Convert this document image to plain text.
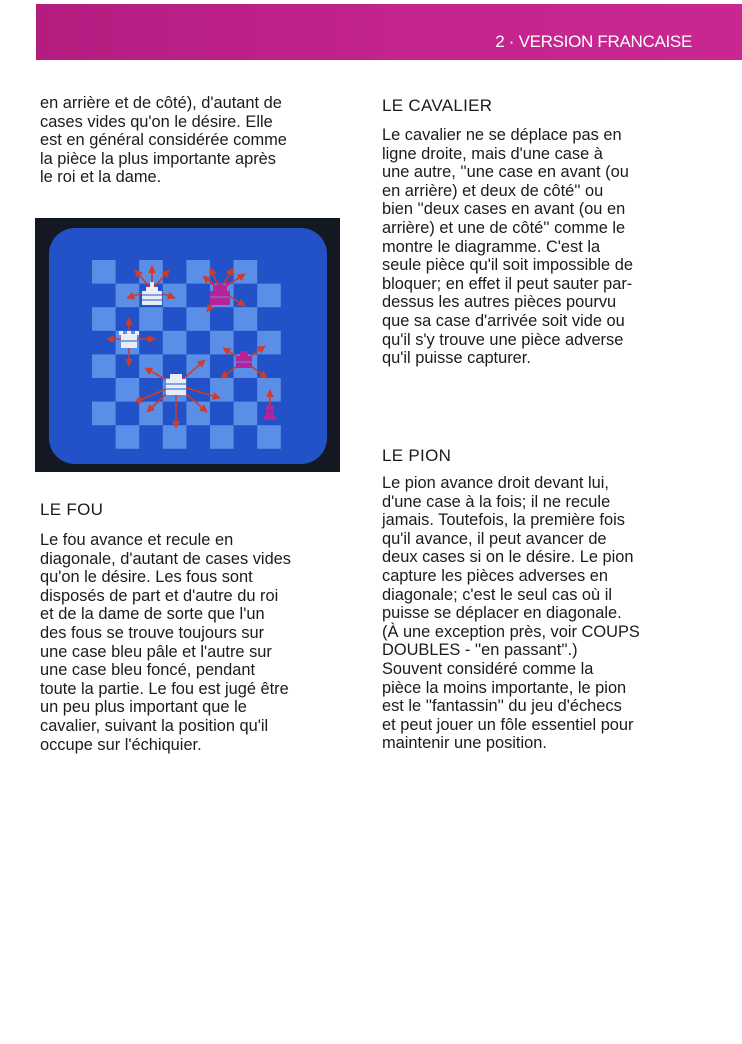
2 · VERSION FRANCAISE

en arrière et de côté), d'autant de
cases vides qu'on le désire. Elle
est en général considérée comme
la pièce la plus importante après
le roi et la dame.

LE FOU

Le fou avance et recule en
diagonale, d'autant de cases vides
qu'on le désire. Les fous sont
disposés de part et d'autre du roi
et de la dame de sorte que l'un
des fous se trouve toujours sur
une case bleu pâle et l'autre sur
une case bleu foncé, pendant
toute la partie. Le fou est jugé être
un peu plus important que le
cavalier, suivant la position qu'il
occupe sur l'échiquier.

LE CAVALIER

Le cavalier ne se déplace pas en
ligne droite, mais d'une case à
une autre, ''une case en avant (ou
en arrière) et deux de côté'' ou
bien ''deux cases en avant (ou en
arrière) et une de côté'' comme le
montre le diagramme. C'est la
seule pièce qu'il soit impossible de
bloquer; en effet il peut sauter par-
dessus les autres pièces pourvu
que sa case d'arrivée soit vide ou
qu'il s'y trouve une pièce adverse
qu'il puisse capturer.

LE PION

Le pion avance droit devant lui,
d'une case à la fois; il ne recule
jamais. Toutefois, la première fois
qu'il avance, il peut avancer de
deux cases si on le désire. Le pion
capture les pièces adverses en
diagonale; c'est le seul cas où il
puisse se déplacer en diagonale.
(À une exception près, voir COUPS
DOUBLES - ''en passant''.)
Souvent considéré comme la
pièce la moins importante, le pion
est le ''fantassin'' du jeu d'échecs
et peut jouer un fôle essentiel pour
maintenir une position.
